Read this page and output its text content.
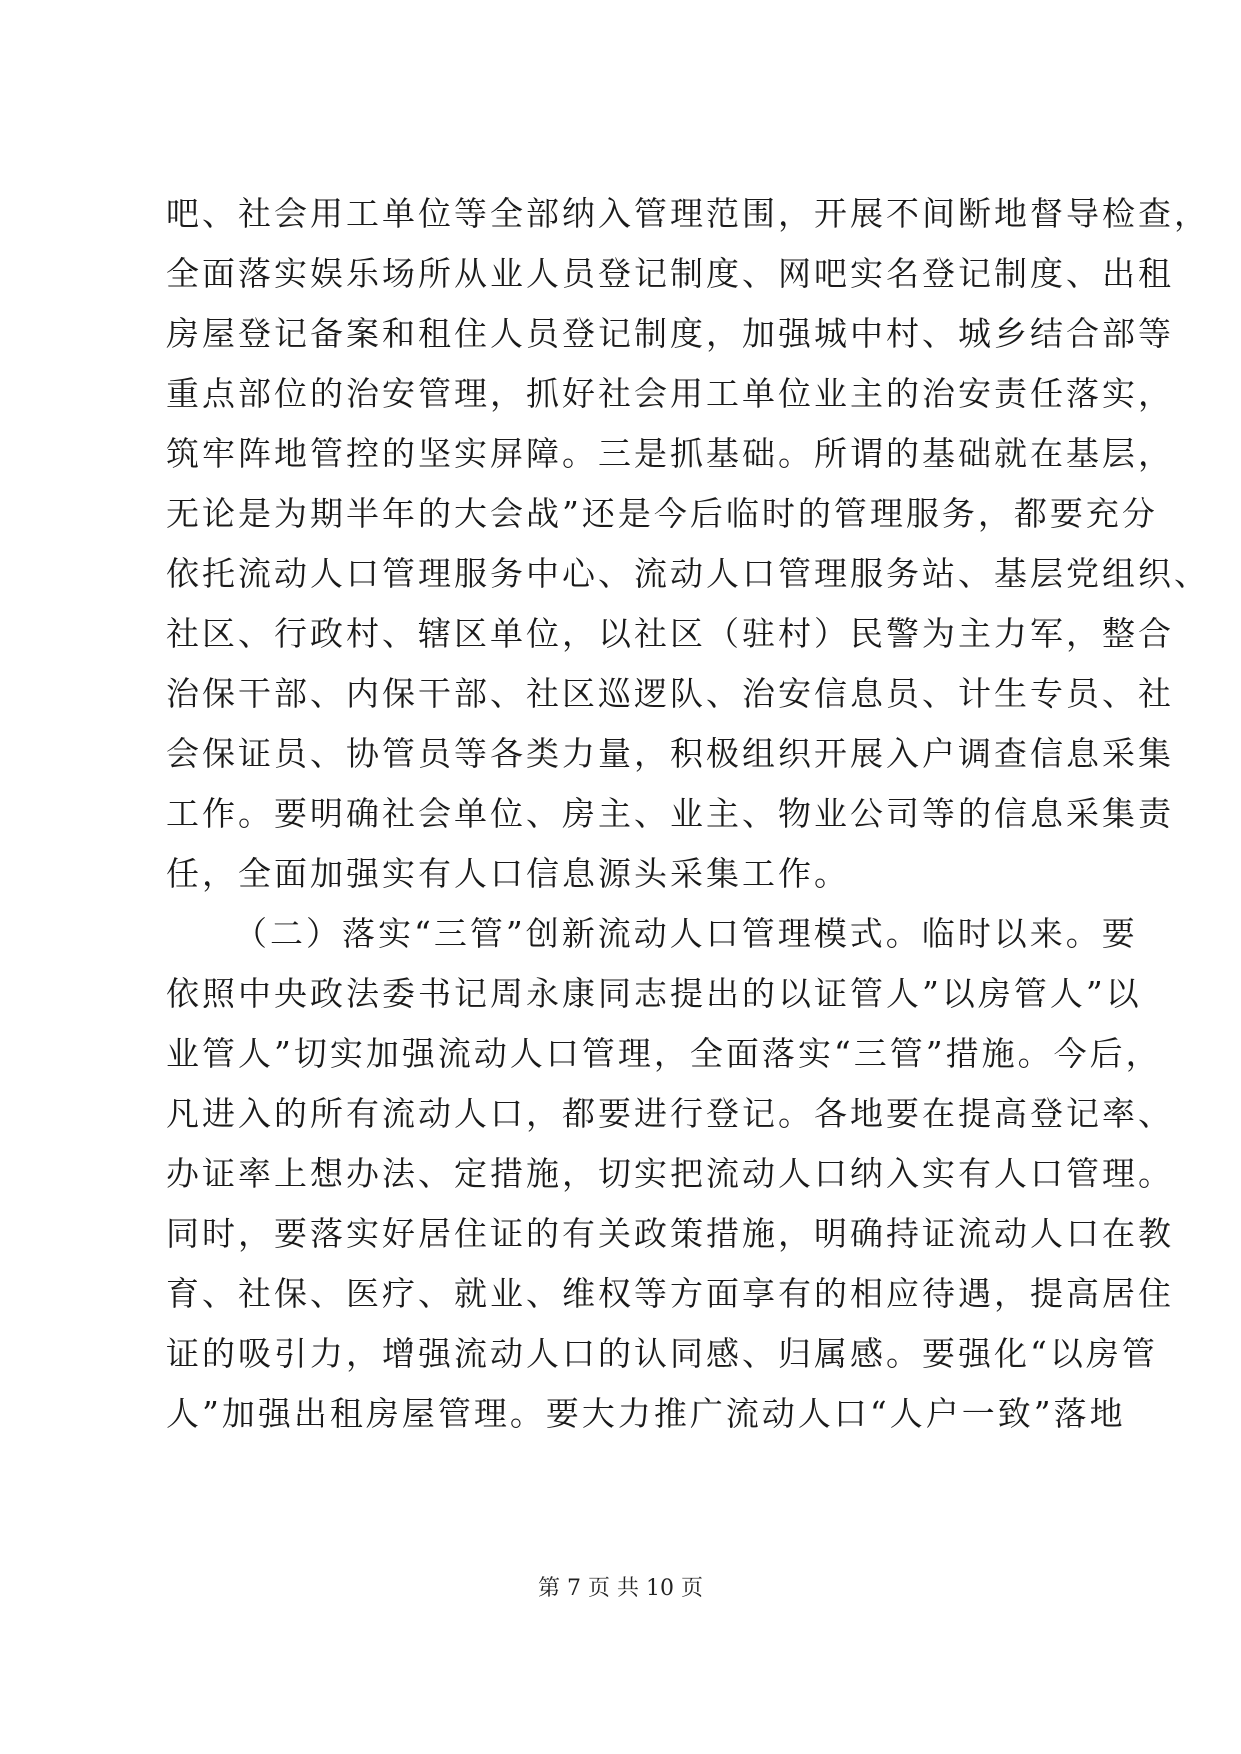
吧、社会用工单位等全部纳入管理范围，开展不间断地督导检查，
全面落实娱乐场所从业人员登记制度、网吧实名登记制度、出租
房屋登记备案和租住人员登记制度，加强城中村、城乡结合部等
重点部位的治安管理，抓好社会用工单位业主的治安责任落实，
筑牢阵地管控的坚实屏障。三是抓基础。所谓的基础就在基层，
无论是为期半年的大会战”还是今后临时的管理服务，都要充分
依托流动人口管理服务中心、流动人口管理服务站、基层党组织、
社区、行政村、辖区单位，以社区（驻村）民警为主力军，整合
治保干部、内保干部、社区巡逻队、治安信息员、计生专员、社
会保证员、协管员等各类力量，积极组织开展入户调查信息采集
工作。要明确社会单位、房主、业主、物业公司等的信息采集责
任，全面加强实有人口信息源头采集工作。
（二）落实“三管”创新流动人口管理模式。临时以来。要
依照中央政法委书记周永康同志提出的以证管人”以房管人”以
业管人”切实加强流动人口管理，全面落实“三管”措施。今后，
凡进入的所有流动人口，都要进行登记。各地要在提高登记率、
办证率上想办法、定措施，切实把流动人口纳入实有人口管理。
同时，要落实好居住证的有关政策措施，明确持证流动人口在教
育、社保、医疗、就业、维权等方面享有的相应待遇，提高居住
证的吸引力，增强流动人口的认同感、归属感。要强化“以房管
人”加强出租房屋管理。要大力推广流动人口“人户一致”落地
第 7 页 共 10 页
